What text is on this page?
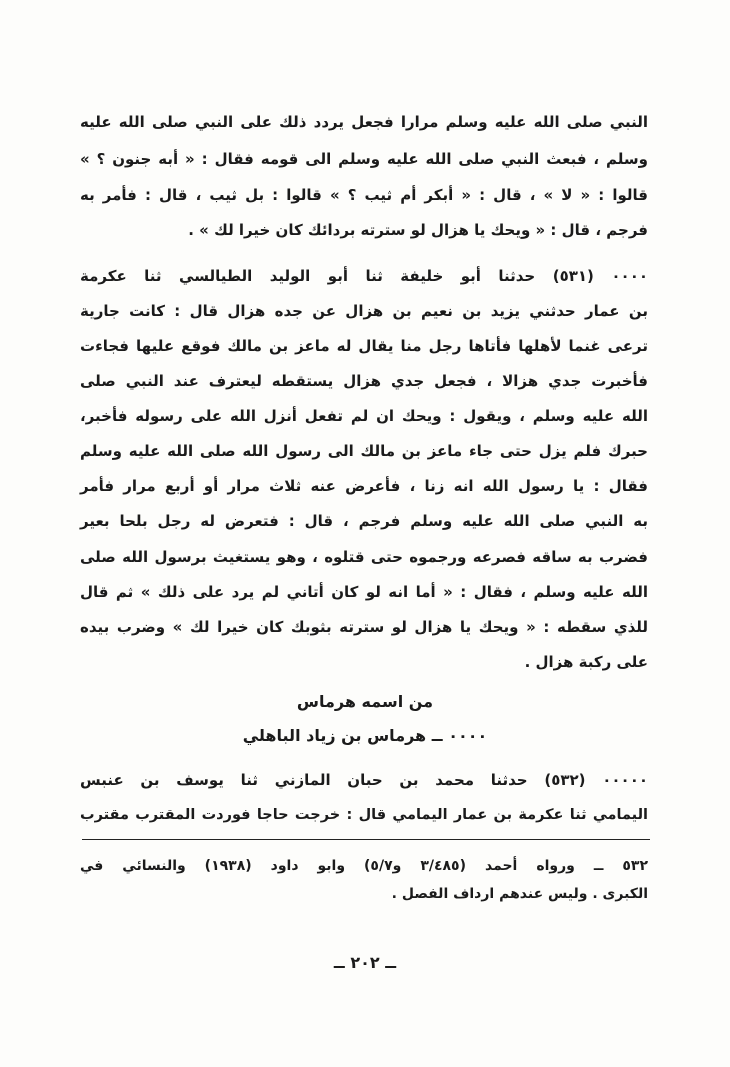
النبي صلى الله عليه وسلم مرارا فجعل يردد ذلك على النبي صلى الله عليه
وسلم ، فبعث النبي صلى الله عليه وسلم الى قومه فقال : « أبه جنون ؟ »
قالوا : « لا » ، قال : « أبكر أم ثيب ؟ » قالوا : بل ثيب ، قال : فأمر به
فرجم ، قال : « ويحك يا هزال لو سترته بردائك كان خيرا لك » .
٠٠٠٠ (٥٣١) حدثنا أبو خليفة ثنا أبو الوليد الطيالسي ثنا عكرمة
بن عمار حدثني يزيد بن نعيم بن هزال عن جده هزال قال : كانت جارية
ترعى غنما لأهلها فأتاها رجل منا يقال له ماعز بن مالك فوقع عليها فجاءت
فأخبرت جدي هزالا ، فجعل جدي هزال يستقطه ليعترف عند النبي صلى
الله عليه وسلم ، ويقول : ويحك ان لم تفعل أنزل الله على رسوله فأخبر،
حبرك فلم يزل حتى جاء ماعز بن مالك الى رسول الله صلى الله عليه وسلم
فقال : يا رسول الله انه زنا ، فأعرض عنه ثلاث مرار أو أربع مرار فأمر
به النبي صلى الله عليه وسلم فرجم ، قال : فتعرض له رجل بلحا بعير
فضرب به ساقه فصرعه ورجموه حتى قتلوه ، وهو يستغيث برسول الله صلى
الله عليه وسلم ، فقال : « أما انه لو كان أتاني لم يرد على ذلك » ثم قال
للذي سقطه : « ويحك يا هزال لو سترته بثوبك كان خيرا لك » وضرب بيده
على ركبة هزال .
من اسمه هرماس
٠٠٠٠ ــ هرماس بن زياد الباهلي
٠٠٠٠٠ (٥٣٢) حدثنا محمد بن حبان المازني ثنا يوسف بن عنبس
اليمامي ثنا عكرمة بن عمار اليمامي قال : خرجت حاجا فوردت المقترب مقترب
٥٣٢ ــ ورواه أحمد (٣/٤٨٥ و٥/٧) وابو داود (١٩٣٨) والنسائي في
الكبرى . وليس عندهم ارداف الفصل .
ــ ٢٠٢ ــ
